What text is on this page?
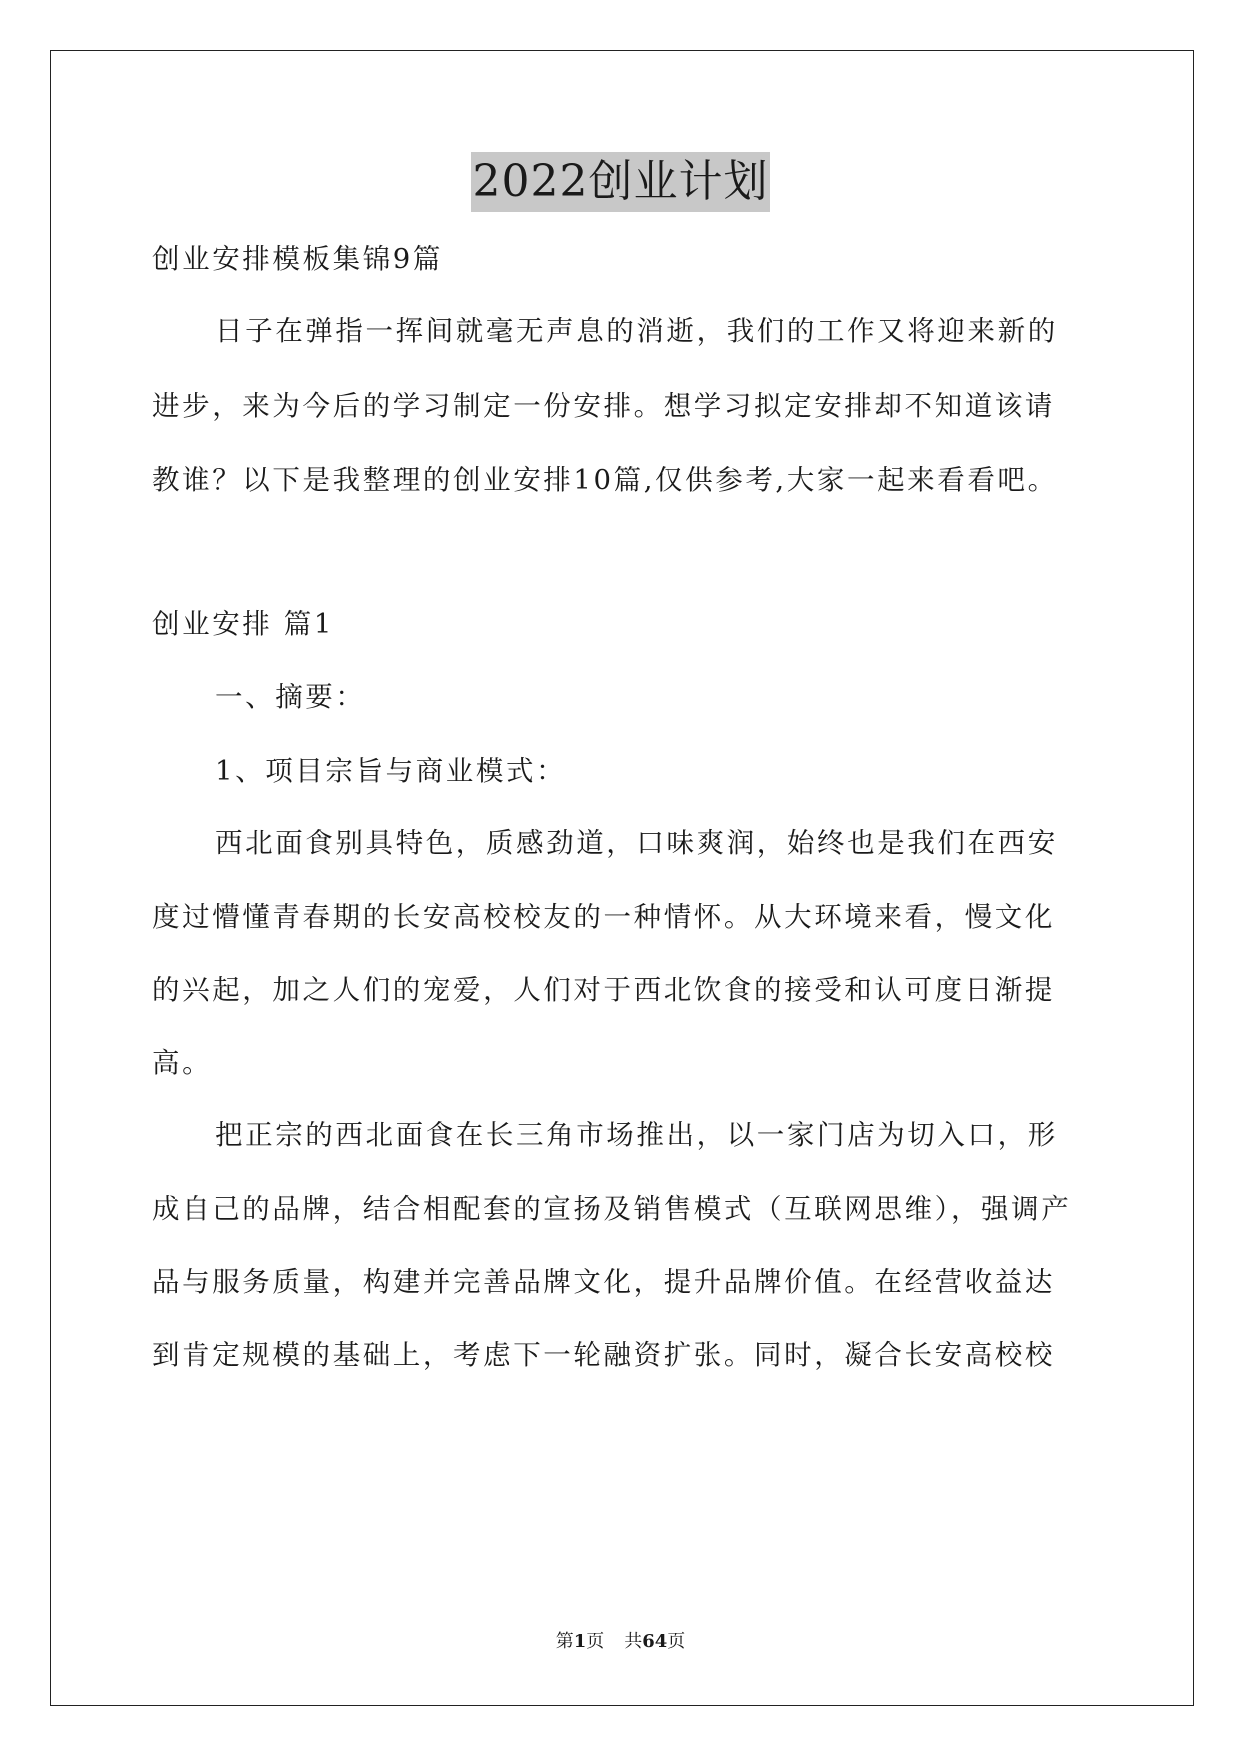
2022创业计划
创业安排模板集锦9篇
日子在弹指一挥间就毫无声息的消逝，我们的工作又将迎来新的
进步，来为今后的学习制定一份安排。想学习拟定安排却不知道该请
教谁？以下是我整理的创业安排10篇,仅供参考,大家一起来看看吧。
创业安排 篇1
一、摘要：
1、项目宗旨与商业模式：
西北面食别具特色，质感劲道，口味爽润，始终也是我们在西安
度过懵懂青春期的长安高校校友的一种情怀。从大环境来看，慢文化
的兴起，加之人们的宠爱，人们对于西北饮食的接受和认可度日渐提
高。
把正宗的西北面食在长三角市场推出，以一家门店为切入口，形
成自己的品牌，结合相配套的宣扬及销售模式（互联网思维），强调产
品与服务质量，构建并完善品牌文化，提升品牌价值。在经营收益达
到肯定规模的基础上，考虑下一轮融资扩张。同时，凝合长安高校校
第1页 共64页
